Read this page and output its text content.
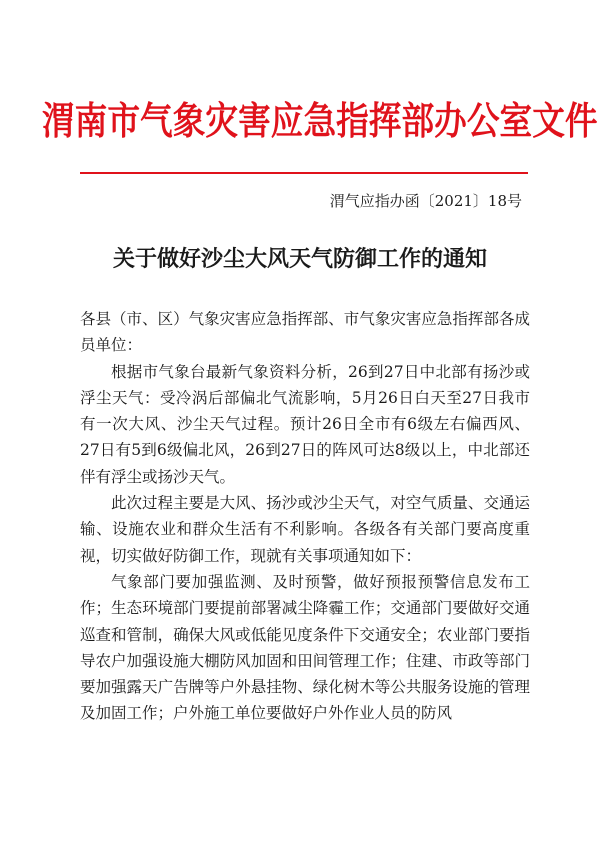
渭南市气象灾害应急指挥部办公室文件
渭气应指办函〔2021〕18号
关于做好沙尘大风天气防御工作的通知

各县（市、区）气象灾害应急指挥部、市气象灾害应急指挥部各成员单位：

根据市气象台最新气象资料分析，26到27日中北部有扬沙或浮尘天气：受冷涡后部偏北气流影响，5月26日白天至27日我市有一次大风、沙尘天气过程。预计26日全市有6级左右偏西风、27日有5到6级偏北风，26到27日的阵风可达8级以上，中北部还伴有浮尘或扬沙天气。

此次过程主要是大风、扬沙或沙尘天气，对空气质量、交通运输、设施农业和群众生活有不利影响。各级各有关部门要高度重视，切实做好防御工作，现就有关事项通知如下：

气象部门要加强监测、及时预警，做好预报预警信息发布工作；生态环境部门要提前部署减尘降霾工作；交通部门要做好交通巡查和管制，确保大风或低能见度条件下交通安全；农业部门要指导农户加强设施大棚防风加固和田间管理工作；住建、市政等部门要加强露天广告牌等户外悬挂物、绿化树木等公共服务设施的管理及加固工作；户外施工单位要做好户外作业人员的防风
